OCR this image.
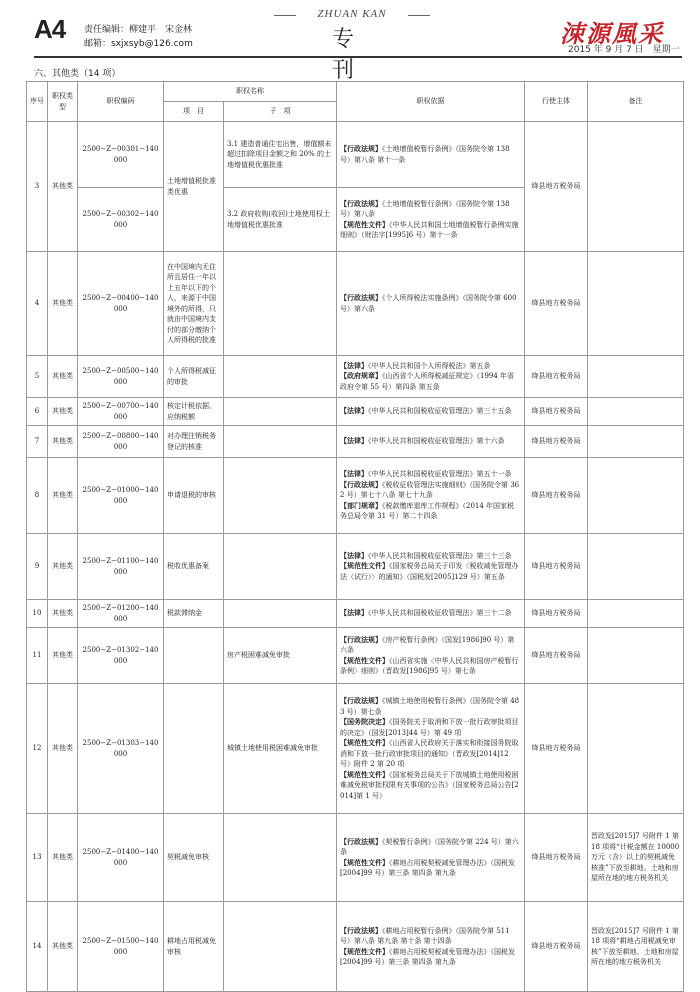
A4 责任编辑：柳建平　宋金林
邮箱：sxjxsyb@126.com
ZHUAN KAN
专　刊
涑源風采
2015 年 9 月 7 日　星期一
六、其他类（14 项）
序号	职权类型	职权编码	职权名称		职权依据	行使主体	备注
			项　目	子　项			
3	其他类	2500−Z−00301−140000	土地增值税批准类优惠	3.1 建造普通住宅出售，增值额未超过扣除项目金额之和 20% 的土地增值税优惠批准	【行政法规】《土地增值税暂行条例》（国务院令第 138 号）第八条 第十一条	绛县地方税务局	
		2500−Z−00302−140000		3.2 政府收购(收回)土地使用权土地增值税优惠批准	【行政法规】《土地增值税暂行条例》（国务院令第 138 号）第八条
【规范性文件】《中华人民共和国土地增值税暂行条例实施细则》（财法字[1995]6 号）第十一条		

4	其他类	2500−Z−00400−140000	在中国境内无住所且居住一年以上五年以下的个人，来源于中国境外的所得，只就由中国境内支付的部分缴纳个人所得税的批准		【行政法规】《个人所得税法实施条例》（国务院令第 600 号）第六条	绛县地方税务局	
5	其他类	2500−Z−00500−140000	个人所得税减征的审批		【法律】《中华人民共和国个人所得税法》第五条
【政府规章】《山西省个人所得税减征规定》（1994 年省政府令第 55 号）第四条 第五条	绛县地方税务局	
6	其他类	2500−Z−00700−140000	核定计税依据、应纳税额		【法律】《中华人民共和国税收征收管理法》第三十五条	绛县地方税务局	
7	其他类	2500−Z−00800−140000	对办理注销税务登记的核准		【法律】《中华人民共和国税收征收管理法》第十六条	绛县地方税务局	
8	其他类	2500−Z−01000−140000	申请退税的审核		【法律】《中华人民共和国税收征收管理法》第五十一条
【行政法规】《税收征收管理法实施细则》（国务院令第 362 号）第七十八条 第七十九条
【部门规章】《税款缴库退库工作规程》（2014 年国家税务总局令第 31 号）第二十四条	绛县地方税务局	
9	其他类	2500−Z−01100−140000	税收优惠备案		【法律】《中华人民共和国税收征收管理法》第三十三条
【规范性文件】《国家税务总局关于印发〈税收减免管理办法（试行）〉的通知》（国税发[2005]129 号）第五条	绛县地方税务局	
10	其他类	2500−Z−01200−140000	税款滞纳金		【法律】《中华人民共和国税收征收管理法》第三十二条	绛县地方税务局	
11	其他类	2500−Z−01302−140000		房产税困难减免审批	【行政法规】《房产税暂行条例》（国发[1986]90 号）第六条
【规范性文件】《山西省实施〈中华人民共和国房产税暂行条例〉细则》（晋政发[1986]95 号）第七条	绛县地方税务局	
12	其他类	2500−Z−01303−140000		城镇土地使用税困难减免审批	【行政法规】《城镇土地使用税暂行条例》（国务院令第 483 号）第七条
【国务院决定】《国务院关于取消和下放一批行政审批项目的决定》（国发[2013]44 号）第 49 项
【规范性文件】《山西省人民政府关于落实和衔接国务院取消和下放一批行政审批项目的通知》（晋政发[2014]12 号）附件 2 第 20 项
【规范性文件】《国家税务总局关于下放城镇土地使用税困难减免税审批权限有关事项的公告》（国家税务总局公告[2014]第 1 号）	绛县地方税务局	
13	其他类	2500−Z−01400−140000	契税减免审核		【行政法规】《契税暂行条例》（国务院令第 224 号）第六条
【规范性文件】《耕地占用税契税减免管理办法》（国税发[2004]99 号）第三条 第四条 第九条	绛县地方税务局	晋政发[2015]7 号附件 1 第 18 项将“计税金额在 10000 万元（含）以上的契税减免核准”下放至耕地、土地和房屋所在地的地方税务机关
14	其他类	2500−Z−01500−140000	耕地占用税减免审核		【行政法规】《耕地占用税暂行条例》（国务院令第 511 号）第八条 第九条 第十条 第十四条
【规范性文件】《耕地占用税契税减免管理办法》（国税发[2004]99 号）第三条 第四条 第九条	绛县地方税务局	晋政发[2015]7 号附件 1 第 18 项将“耕地占用税减免审核”下放至耕地、土地和房屋所在地的地方税务机关
